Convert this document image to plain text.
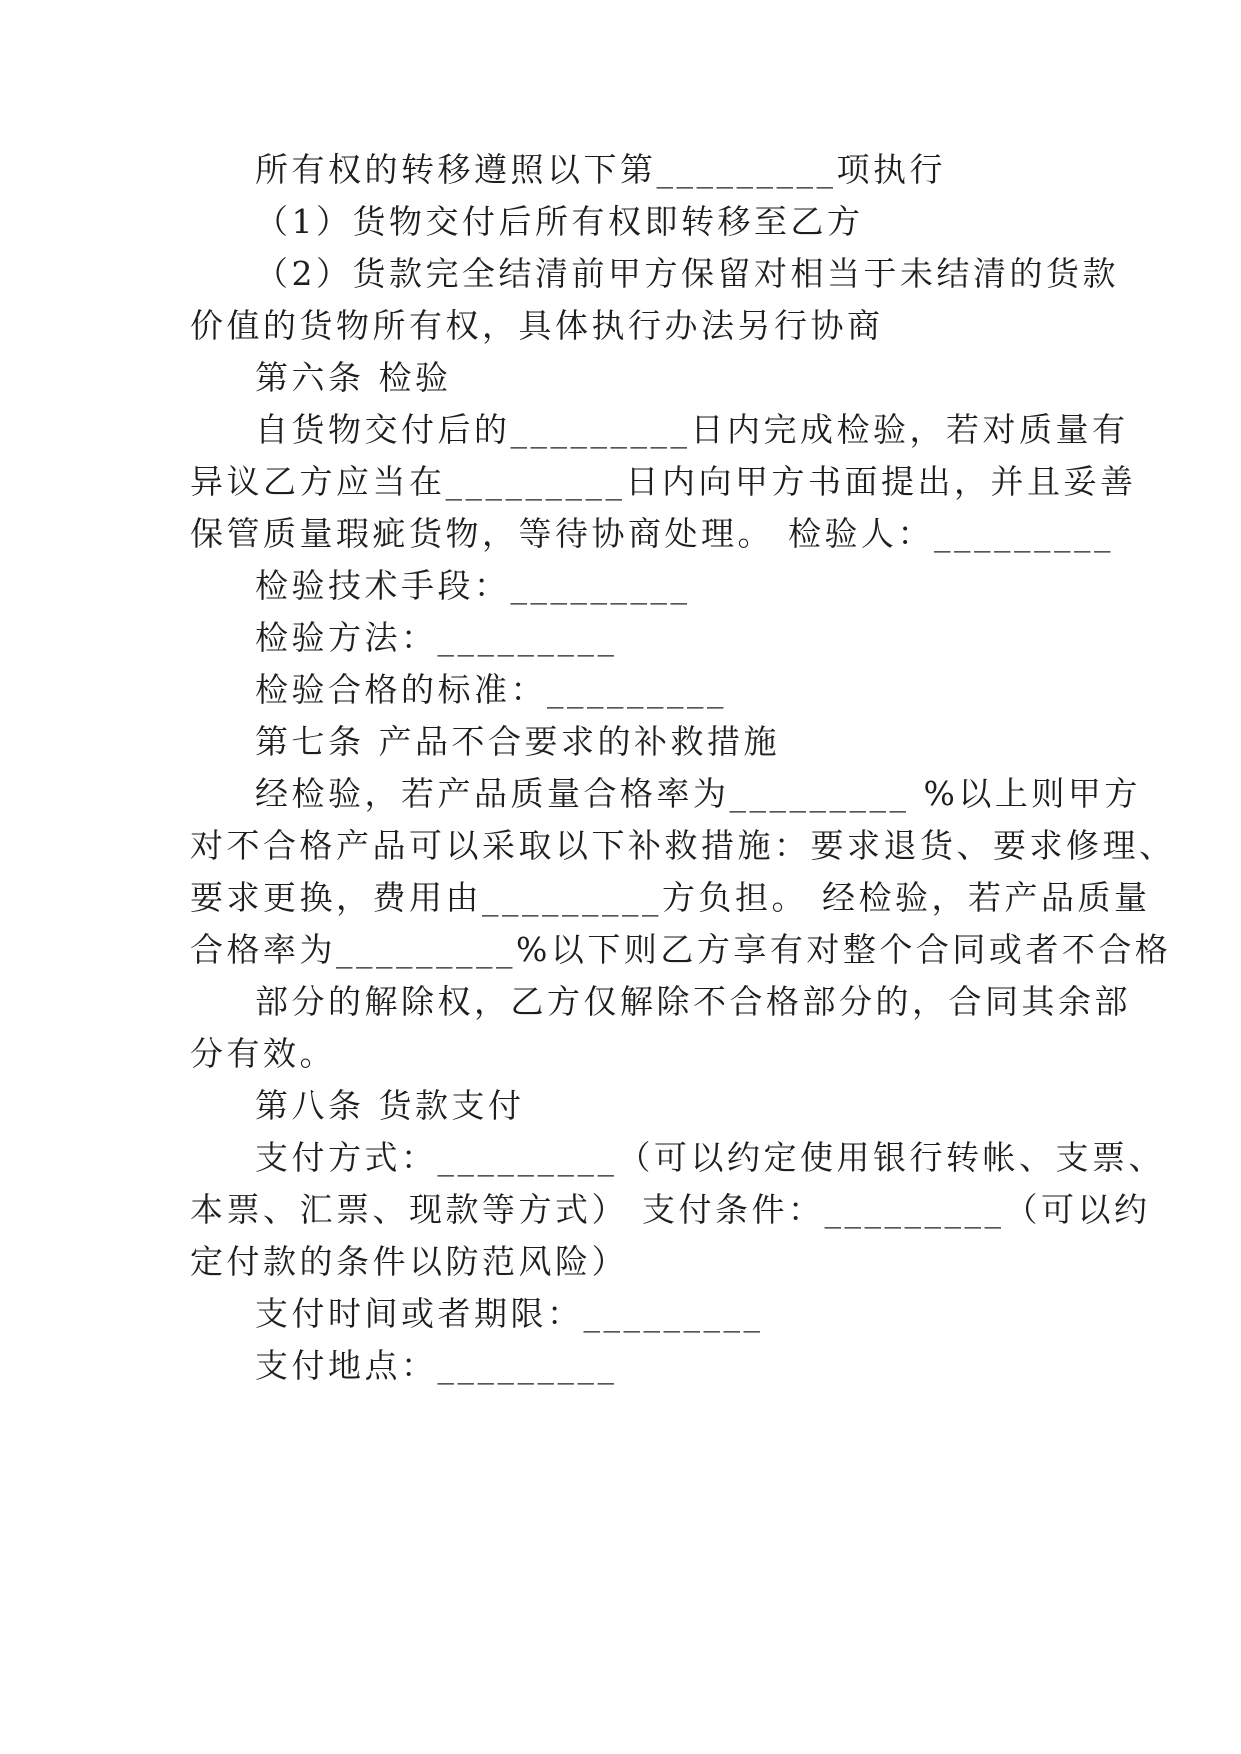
所有权的转移遵照以下第_________项执行
（1）货物交付后所有权即转移至乙方
（2）货款完全结清前甲方保留对相当于未结清的货款
价值的货物所有权，具体执行办法另行协商
第六条 检验
自货物交付后的_________日内完成检验，若对质量有
异议乙方应当在_________日内向甲方书面提出，并且妥善
保管质量瑕疵货物，等待协商处理。 检验人：_________
检验技术手段：_________
检验方法：_________
检验合格的标准：_________
第七条 产品不合要求的补救措施
经检验，若产品质量合格率为_________ %以上则甲方
对不合格产品可以采取以下补救措施：要求退货、要求修理、
要求更换，费用由_________方负担。 经检验，若产品质量
合格率为_________%以下则乙方享有对整个合同或者不合格
部分的解除权，乙方仅解除不合格部分的，合同其余部
分有效。
第八条 货款支付
支付方式：_________（可以约定使用银行转帐、支票、
本票、汇票、现款等方式） 支付条件：_________（可以约
定付款的条件以防范风险）
支付时间或者期限：_________
支付地点：_________
